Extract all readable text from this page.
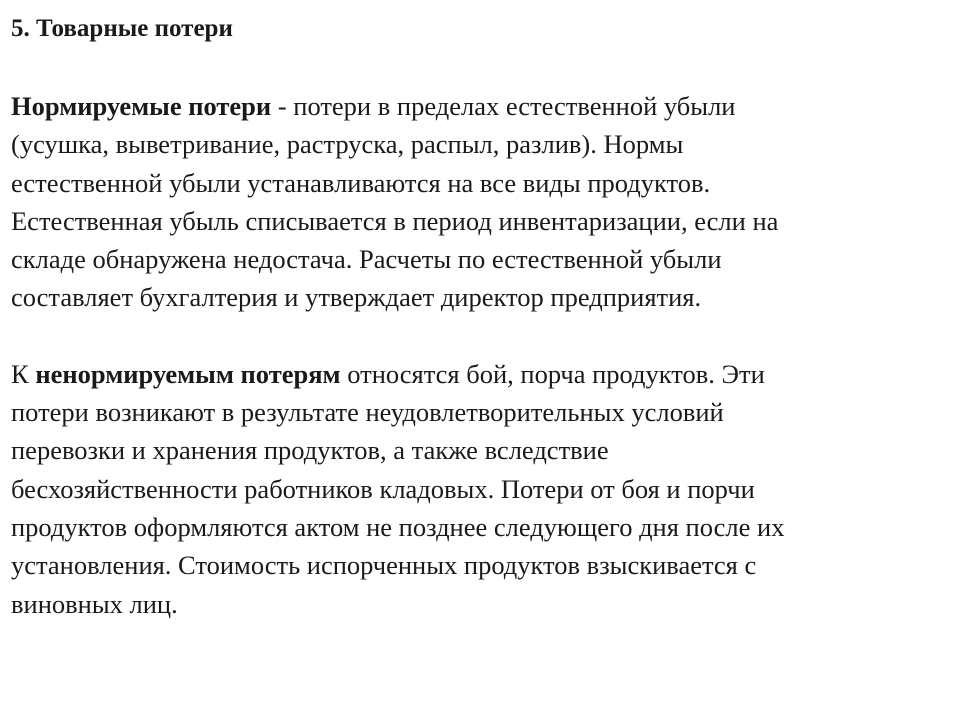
5. Товарные потери

Нормируемые потери - потери в пределах естественной убыли
(усушка, выветривание, раструска, распыл, разлив). Нормы
естественной убыли устанавливаются на все виды продуктов.
Естественная убыль списывается в период инвентаризации, если на
складе обнаружена недостача. Расчеты по естественной убыли
составляет бухгалтерия и утверждает директор предприятия.

К ненормируемым потерям относятся бой, порча продуктов. Эти
потери возникают в результате неудовлетворительных условий
перевозки и хранения продуктов, а также вследствие
бесхозяйственности работников кладовых. Потери от боя и порчи
продуктов оформляются актом не позднее следующего дня после их
установления. Стоимость испорченных продуктов взыскивается с
виновных лиц.
